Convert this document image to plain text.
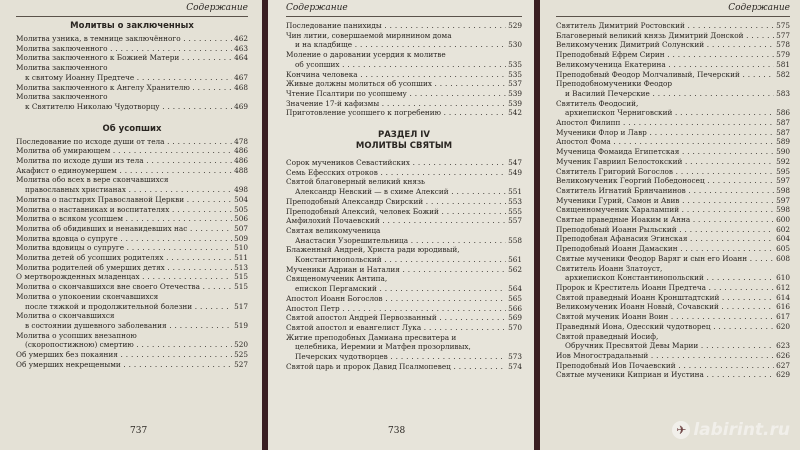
Содержание
Молитвы о заключенных
Молитва узника, в темнице заключённого . . .	462
Молитва заключенного . . .	463
Молитва заключенного к Божией Матери . . .	464
Молитва заключенного
к святому Иоанну Предтече . . .	467
Молитва заключенного к Ангелу Хранителю . . .	468
Молитва заключенного
к Святителю Николаю Чудотворцу . . .	469
Об усопших
Последование по исходе души от тела . . .	478
Молитва об умирающем . . .	486
Молитва по исходе души из тела . . .	486
Акафист о единоумершем . . .	488
Молитва обо всех в вере скончавшихся
православных христианах . . .	498
Молитва о пастырях Православной Церкви . . .	504
Молитва о наставниках и воспитателях . . .	505
Молитва о всяком усопшем . . .	506
Молитва об обидивших и ненавидевших нас . . .	507
Молитва вдовца о супруге . . .	509
Молитва вдовицы о супруге . . .	510
Молитва детей об усопших родителях . . .	511
Молитва родителей об умерших детях . . .	513
О мертворожденных младенцах . . .	515
Молитва о скончавшихся вне своего Отечества . . .	515
Молитва о упокоении скончавшихся
после тяжкой и продолжительной болезни . . .	517
Молитва о скончавшихся
в состоянии душевного заболевания . . .	519
Молитва о усопших внезапною
(скоропостижною) смертию . . .	520
Об умерших без покаяния . . .	525
Об умерших некрещеными . . .	527
737
Содержание
Последование панихиды . . .	529
Чин литии, совершаемой мирянином дома
и на кладбище . . .	530
Моление о даровании усердия к молитве
об усопших . . .	535
Кончина человека . . .	535
Живые должны молиться об усопших . . .	537
Чтение Псалтири по усопшему . . .	539
Значение 17-й кафизмы . . .	539
Приготовление усопшего к погребению . . .	542
РАЗДЕЛ IV
МОЛИТВЫ СВЯТЫМ
Сорок мучеников Севастийских . . .	547
Семь Ефесских отроков . . .	549
Святой благоверный великий князь
Александр Невский — в схиме Алексий . . .	551
Преподобный Александр Свирский . . .	553
Преподобный Алексий, человек Божий . . .	555
Амфилохий Почаевский . . .	557
Святая великомученица
Анастасия Узорешительница . . .	558
Блаженный Андрей, Христа ради юродивый,
Константинопольский . . .	561
Мученики Адриан и Наталия . . .	562
Священомученик Антипа,
епископ Пергамский . . .	564
Апостол Иоанн Богослов . . .	565
Апостол Петр . . .	566
Святой апостол Андрей Первозванный . . .	569
Святой апостол и евангелист Лука . . .	570
Житие преподобных Дамиана пресвитера и
целебника, Иеремии и Матфея прозорливых,
Печерских чудотворцев . . .	573
Святой царь и пророк Давид Псалмопевец . . .	574
738
Содержание
Святитель Димитрий Ростовский . . .	575
Благоверный великий князь Димитрий Донской . . .	577
Великомученик Димитрий Солунский . . .	578
Преподобный Ефрем Сирин . . .	579
Великомученица Екатерина . . .	581
Преподобный Феодор Молчаливый, Печерский . . .	582
Преподобномученики Феодор
и Василий Печерские . . .	583
Святитель Феодосий,
архиепископ Черниговский . . .	586
Апостол Филипп . . .	587
Мученики Флор и Лавр . . .	587
Апостол Фома . . .	589
Мученица Фомаида Египетская . . .	590
Мученик Гавриил Белостокский . . .	592
Святитель Григорий Богослов . . .	595
Великомученик Георгий Победоносец . . .	597
Святитель Игнатий Брянчанинов . . .	598
Мученики Гурий, Самон и Авив . . .	597
Священномученик Харалампий . . .	598
Святые праведные Иоаким и Анна . . .	600
Преподобный Иоанн Рыльский . . .	602
Преподобная Афанасия Эгинская . . .	604
Преподобный Иоанн Дамаскин . . .	605
Святые мученики Феодор Варяг и сын его Иоанн . . .	608
Святитель Иоанн Златоуст,
архиепископ Константинопольский . . .	610
Пророк и Креститель Иоанн Предтеча . . .	612
Святой праведный Иоанн Кронштадтский . . .	614
Великомученик Иоанн Новый, Сочавский . . .	616
Святой мученик Иоанн Воин . . .	617
Праведный Иона, Одесский чудотворец . . .	620
Святой праведный Иосиф,
Обручник Пресвятой Девы Марии . . .	623
Иов Многострадальный . . .	626
Преподобный Иов Почаевский . . .	627
Святые мученики Киприан и Иустина . . .	629
✈ labirint.ru
